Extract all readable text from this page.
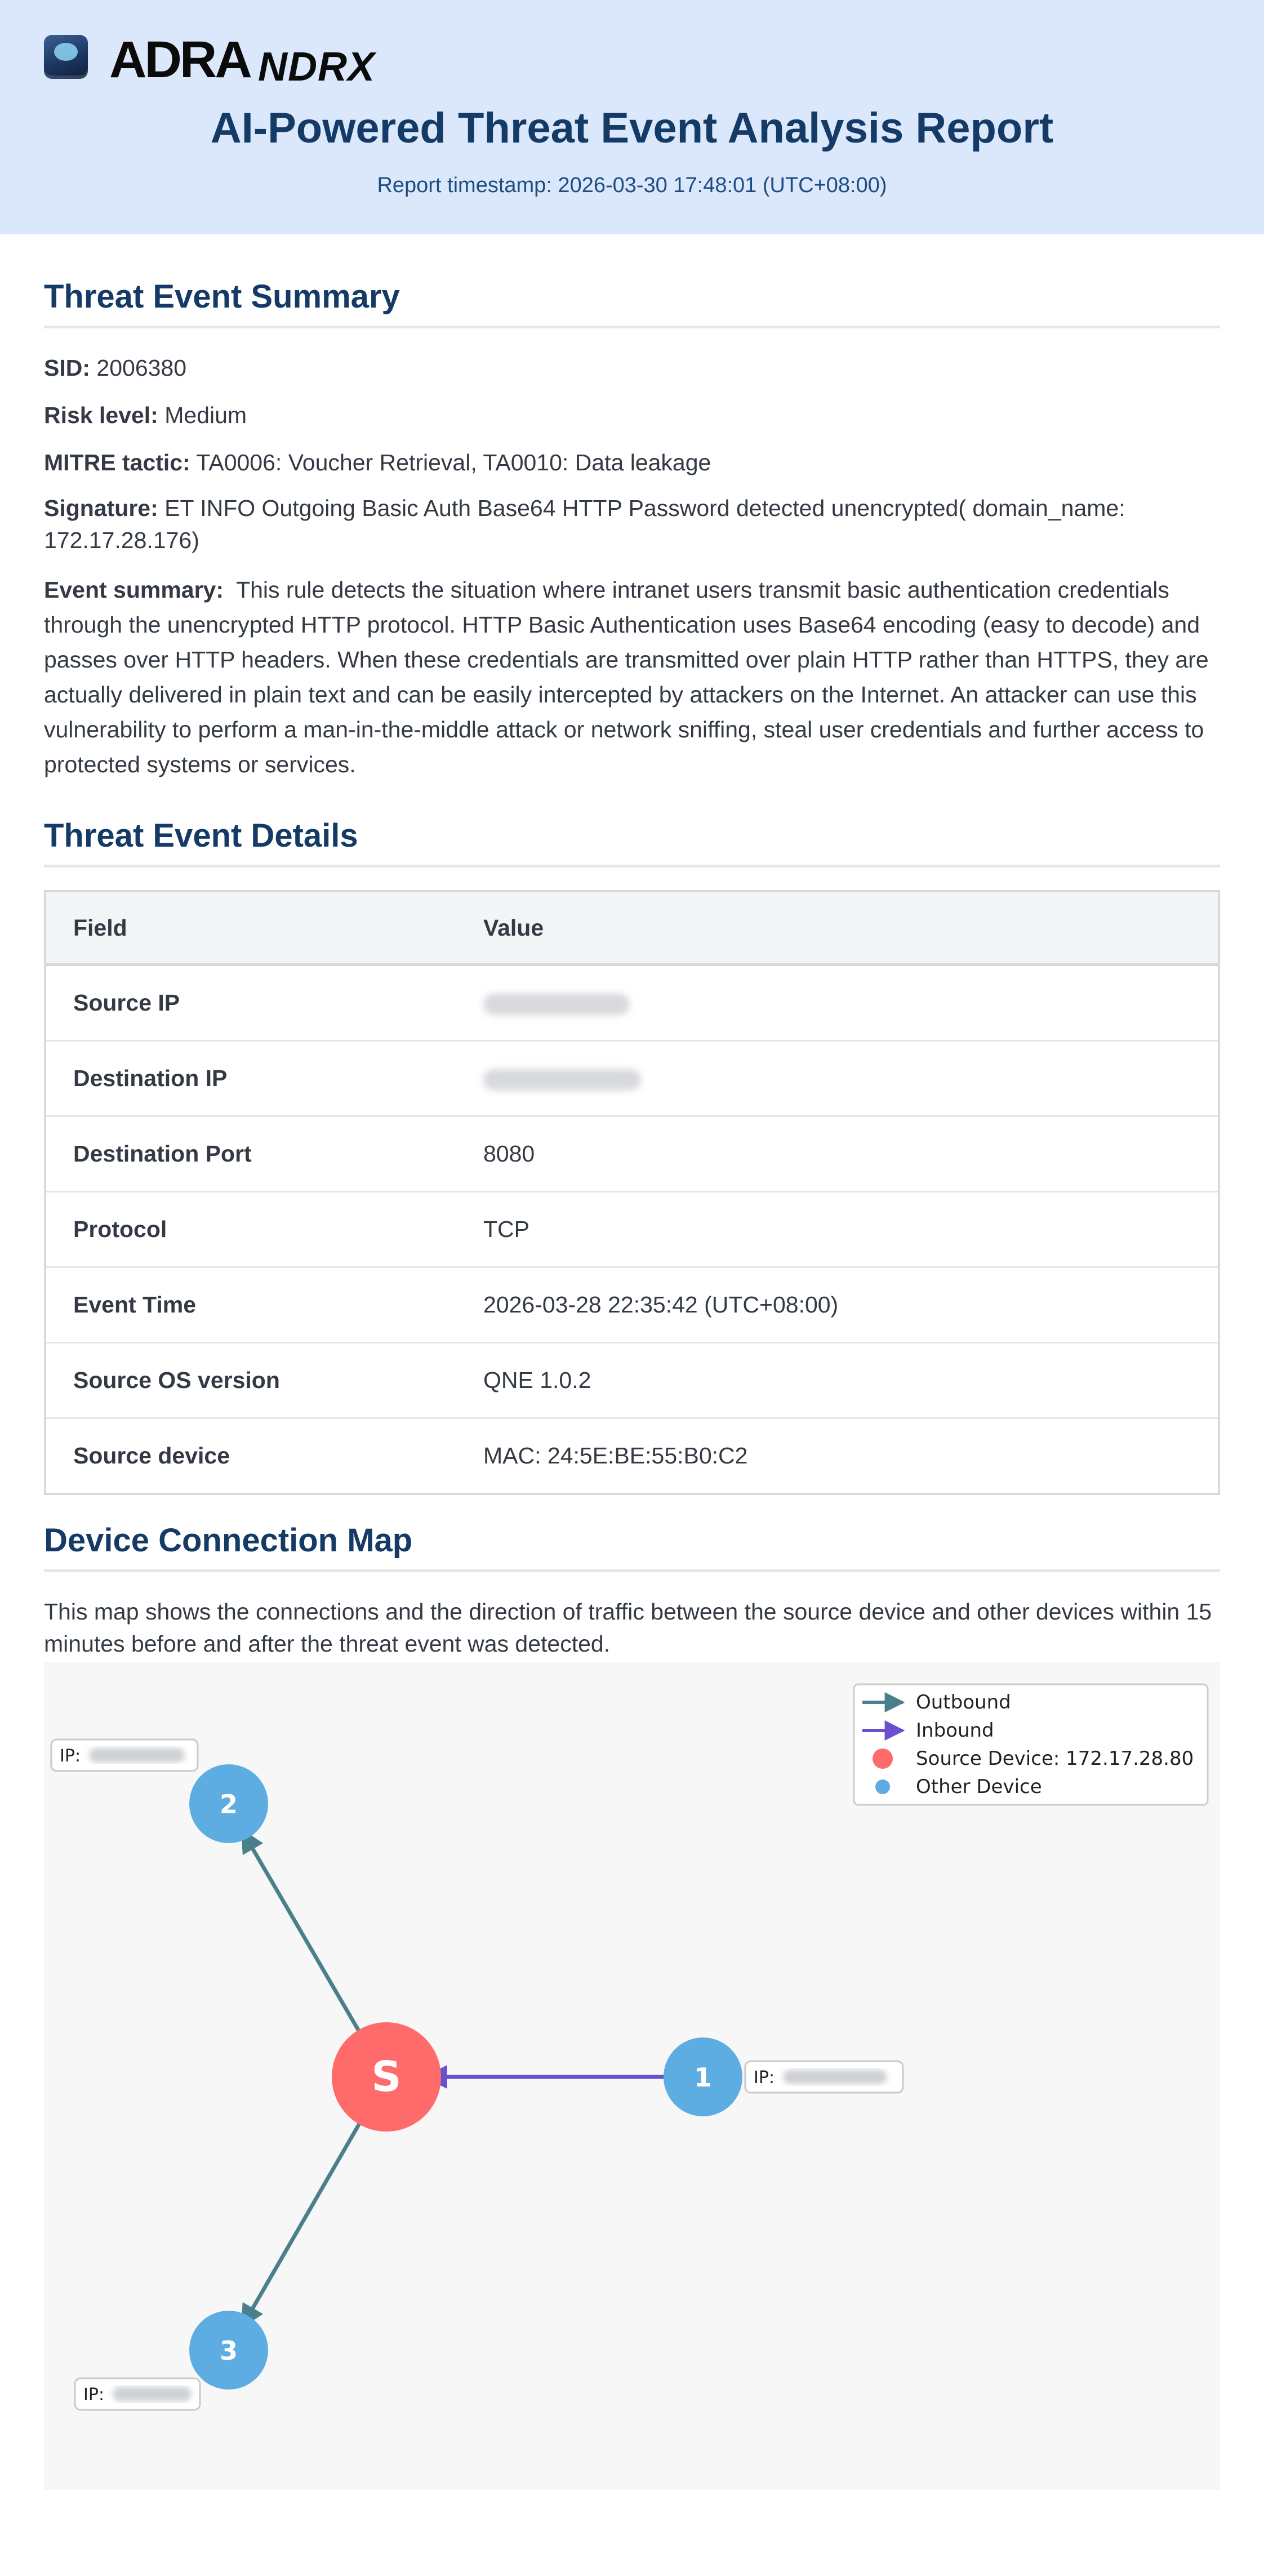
ADRA NDRX
AI-Powered Threat Event Analysis Report
Report timestamp: 2026-03-30 17:48:01 (UTC+08:00)
Threat Event Summary
SID: 2006380
Risk level: Medium
MITRE tactic: TA0006: Voucher Retrieval, TA0010: Data leakage
Signature: ET INFO Outgoing Basic Auth Base64 HTTP Password detected unencrypted( domain_name: 172.17.28.176)
Event summary: This rule detects the situation where intranet users transmit basic authentication credentials through the unencrypted HTTP protocol. HTTP Basic Authentication uses Base64 encoding (easy to decode) and passes over HTTP headers. When these credentials are transmitted over plain HTTP rather than HTTPS, they are actually delivered in plain text and can be easily intercepted by attackers on the Internet. An attacker can use this vulnerability to perform a man-in-the-middle attack or network sniffing, steal user credentials and further access to protected systems or services.
Threat Event Details
Field	Value
Source IP	
Destination IP	
Destination Port	8080
Protocol	TCP
Event Time	2026-03-28 22:35:42 (UTC+08:00)
Source OS version	QNE 1.0.2
Source device	MAC: 24:5E:BE:55:B0:C2
Device Connection Map
This map shows the connections and the direction of traffic between the source device and other devices within 15 minutes before and after the threat event was detected.
S	1
2
3
IP:
IP:
IP:
Outbound
Inbound
Source Device: 172.17.28.80
Other Device
